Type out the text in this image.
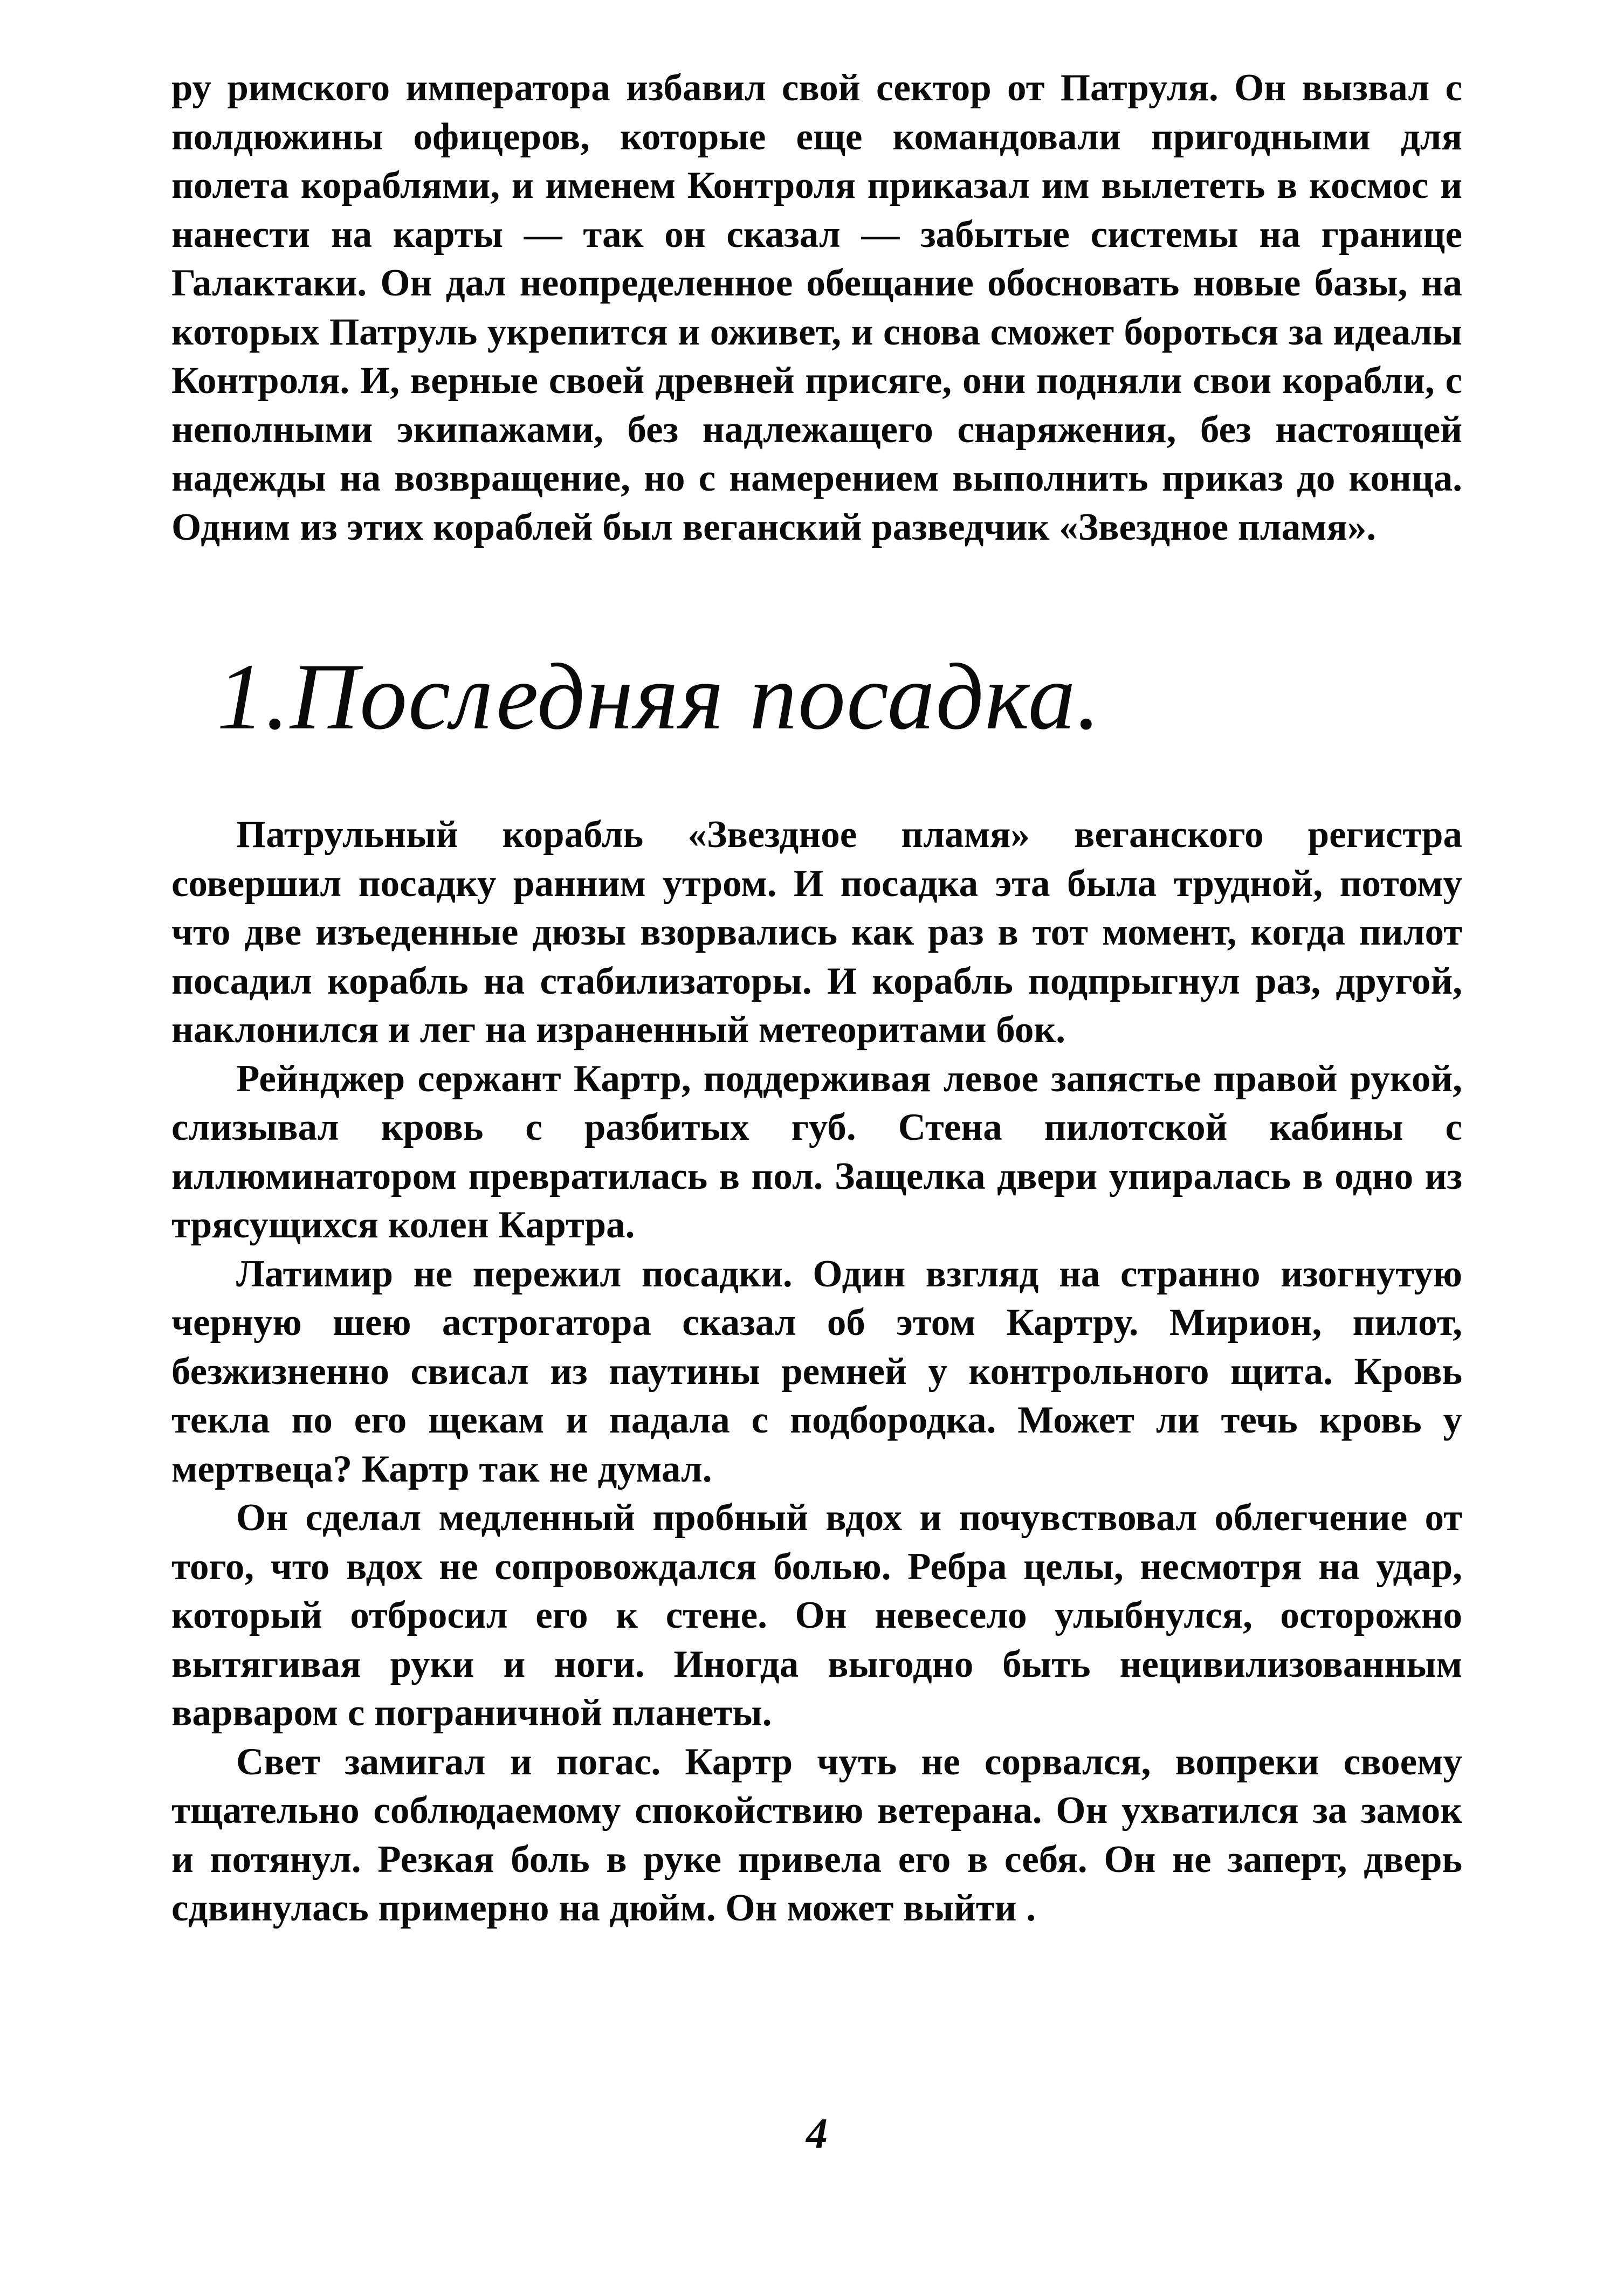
ру римского императора избавил свой сектор от Патруля. Он вызвал с полдюжины офицеров, которые еще командовали пригодными для полета кораблями, и именем Контроля приказал им вылететь в космос и нанести на карты — так он сказал — забытые системы на границе Галактаки. Он дал неопределенное обещание обосновать новые базы, на которых Патруль укрепится и оживет, и снова сможет бороться за идеалы Контроля. И, верные своей древней присяге, они подняли свои корабли, с неполными экипажами, без надлежащего снаряжения, без настоящей надежды на возвращение, но с намерением выполнить приказ до конца. Одним из этих кораблей был веганский разведчик «Звездное пламя».

1.Последняя посадка.

Патрульный корабль «Звездное пламя» веганского регистра совершил посадку ранним утром. И посадка эта была трудной, потому что две изъеденные дюзы взорвались как раз в тот момент, когда пилот посадил корабль на стабилизаторы. И корабль подпрыгнул раз, другой, наклонился и лег на израненный метеоритами бок.

Рейнджер сержант Картр, поддерживая левое запястье правой рукой, слизывал кровь с разбитых губ. Стена пилотской кабины с иллюминатором превратилась в пол. Защелка двери упиралась в одно из трясущихся колен Картра.

Латимир не пережил посадки. Один взгляд на странно изогнутую черную шею астрогатора сказал об этом Картру. Мирион, пилот, безжизненно свисал из паутины ремней у контрольного щита. Кровь текла по его щекам и падала с подбородка. Может ли течь кровь у мертвеца? Картр так не думал.

Он сделал медленный пробный вдох и почувствовал облегчение от того, что вдох не сопровождался болью. Ребра целы, несмотря на удар, который отбросил его к стене. Он невесело улыбнулся, осторожно вытягивая руки и ноги. Иногда выгодно быть нецивилизованным варваром с пограничной планеты.

Свет замигал и погас. Картр чуть не сорвался, вопреки своему тщательно соблюдаемому спокойствию ветерана. Он ухватился за замок и потянул. Резкая боль в руке привела его в себя. Он не заперт, дверь сдвинулась примерно на дюйм. Он может выйти .

4
